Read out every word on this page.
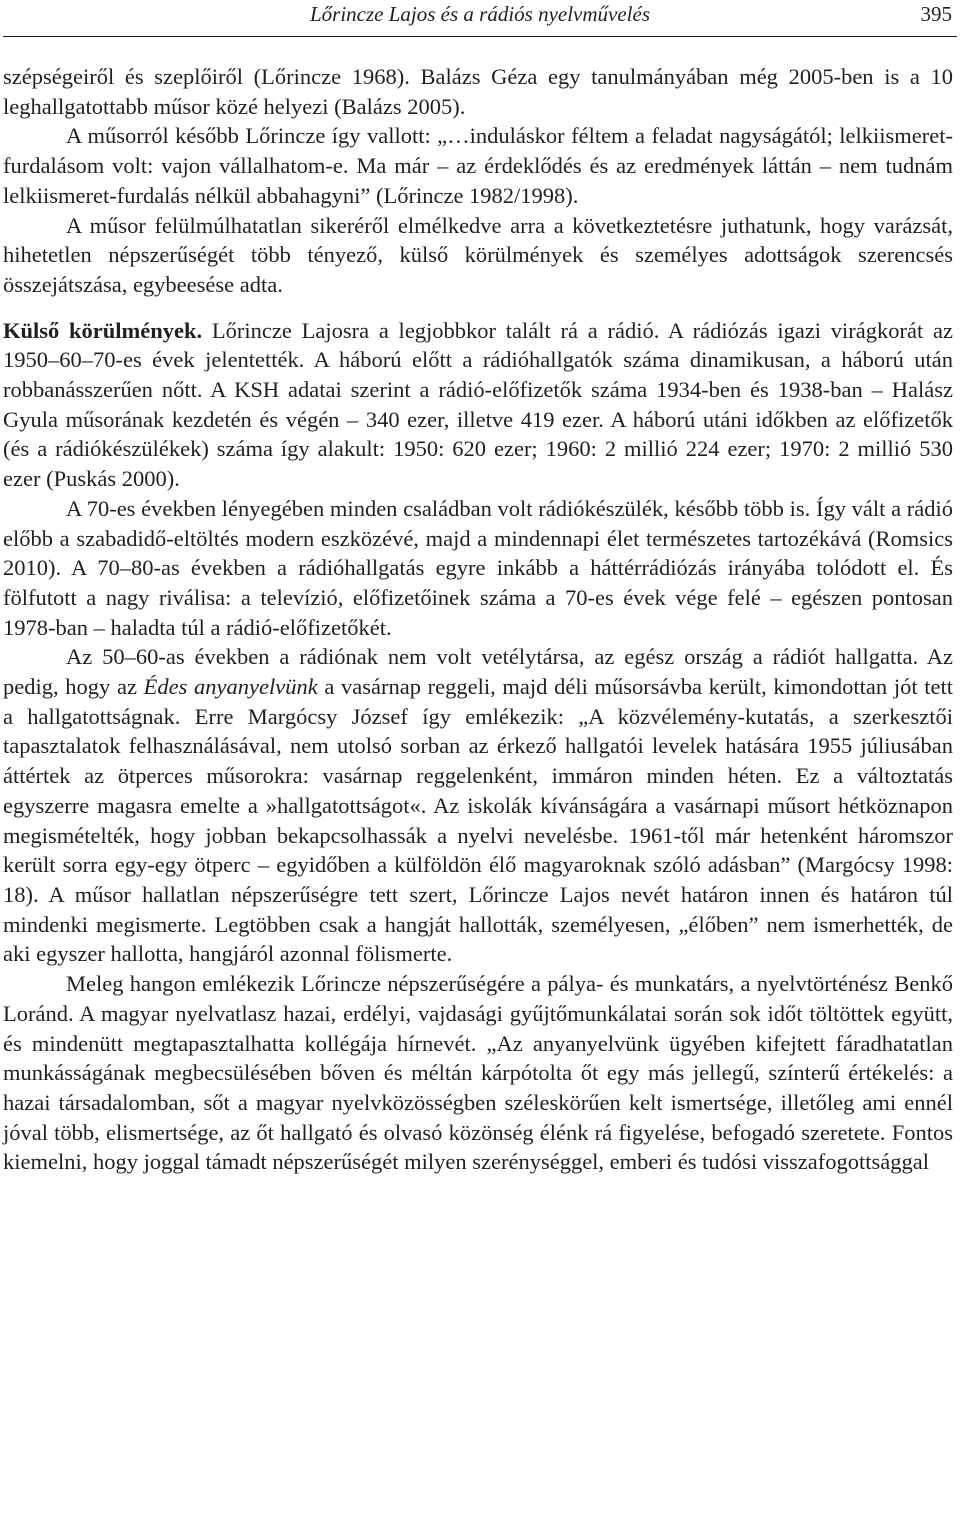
Lőrincze Lajos és a rádiós nyelvművelés	395

szépségeiről és szeplőiről (Lőrincze 1968). Balázs Géza egy tanulmányában még 2005-ben is a 10 leghallgatottabb műsor közé helyezi (Balázs 2005).

A műsorról később Lőrincze így vallott: „…induláskor féltem a feladat nagyságától; lelkiismeret-furdalásom volt: vajon vállalhatom-e. Ma már – az érdeklődés és az eredmények láttán – nem tudnám lelkiismeret-furdalás nélkül abbahagyni” (Lőrincze 1982/1998).

A műsor felülmúlhatatlan sikeréről elmélkedve arra a következtetésre juthatunk, hogy varázsát, hihetetlen népszerűségét több tényező, külső körülmények és személyes adottságok szerencsés összejátszása, egybeesése adta.

Külső körülmények. Lőrincze Lajosra a legjobbkor talált rá a rádió. A rádiózás igazi virágkorát az 1950–60–70-es évek jelentették. A háború előtt a rádióhallgatók száma dinamikusan, a háború után robbanásszerűen nőtt. A KSH adatai szerint a rádió-előfizetők száma 1934-ben és 1938-ban – Halász Gyula műsorának kezdetén és végén – 340 ezer, illetve 419 ezer. A háború utáni időkben az előfizetők (és a rádiókészülékek) száma így alakult: 1950: 620 ezer; 1960: 2 millió 224 ezer; 1970: 2 millió 530 ezer (Puskás 2000).

A 70-es években lényegében minden családban volt rádiókészülék, később több is. Így vált a rádió előbb a szabadidő-eltöltés modern eszközévé, majd a mindennapi élet természetes tartozékává (Romsics 2010). A 70–80-as években a rádióhallgatás egyre inkább a háttérrádiózás irányába tolódott el. És fölfutott a nagy riválisa: a televízió, előfizetőinek száma a 70-es évek vége felé – egészen pontosan 1978-ban – haladta túl a rádió-előfizetőkét.

Az 50–60-as években a rádiónak nem volt vetélytársa, az egész ország a rádiót hallgatta. Az pedig, hogy az Édes anyanyelvünk a vasárnap reggeli, majd déli műsorsávba került, kimondottan jót tett a hallgatottságnak. Erre Margócsy József így emlékezik: „A közvélemény-kutatás, a szerkesztői tapasztalatok felhasználásával, nem utolsó sorban az érkező hallgatói levelek hatására 1955 júliusában áttértek az ötperces műsorokra: vasárnap reggelenként, immáron minden héten. Ez a változtatás egyszerre magasra emelte a »hallgatottságot«. Az iskolák kívánságára a vasárnapi műsort hétköznapon megismételték, hogy jobban bekapcsolhassák a nyelvi nevelésbe. 1961-től már hetenként háromszor került sorra egy-egy ötperc – egyidőben a külföldön élő magyaroknak szóló adásban” (Margócsy 1998: 18). A műsor hallatlan népszerűségre tett szert, Lőrincze Lajos nevét határon innen és határon túl mindenki megismerte. Legtöbben csak a hangját hallották, személyesen, „élőben” nem ismerhették, de aki egyszer hallotta, hangjáról azonnal fölismerte.

Meleg hangon emlékezik Lőrincze népszerűségére a pálya- és munkatárs, a nyelvtörténész Benkő Loránd. A magyar nyelvatlasz hazai, erdélyi, vajdasági gyűjtőmunkálatai során sok időt töltöttek együtt, és mindenütt megtapasztalhatta kollégája hírnevét. „Az anyanyelvünk ügyében kifejtett fáradhatatlan munkásságának megbecsülésében bőven és méltán kárpótolta őt egy más jellegű, színterű értékelés: a hazai társadalomban, sőt a magyar nyelvközösségben széleskörűen kelt ismertsége, illetőleg ami ennél jóval több, elismertsége, az őt hallgató és olvasó közönség élénk rá figyelése, befogadó szeretete. Fontos kiemelni, hogy joggal támadt népszerűségét milyen szerénységgel, emberi és tudósi visszafogottsággal
